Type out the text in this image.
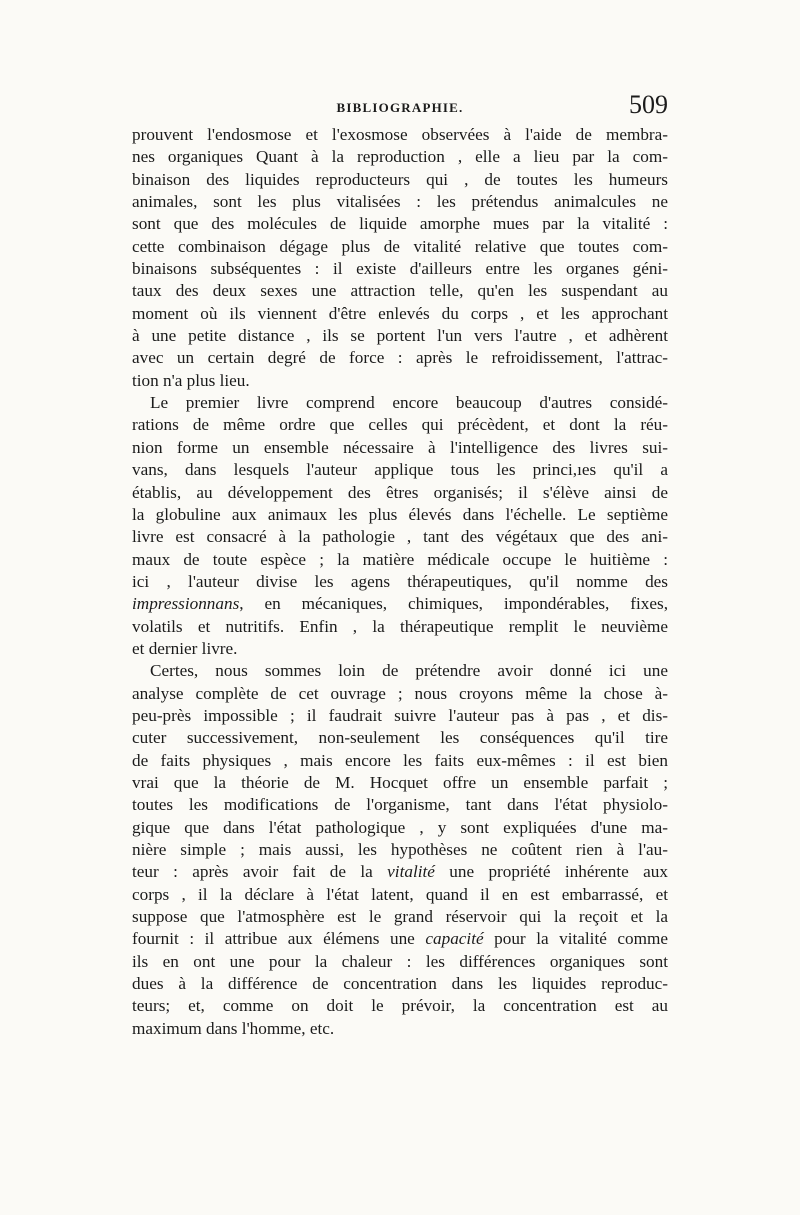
BIBLIOGRAPHIE.	509
prouvent l'endosmose et l'exosmose observées à l'aide de membra-
nes organiques Quant à la reproduction , elle a lieu par la com-
binaison des liquides reproducteurs qui , de toutes les humeurs
animales, sont les plus vitalisées : les prétendus animalcules ne
sont que des molécules de liquide amorphe mues par la vitalité :
cette combinaison dégage plus de vitalité relative que toutes com-
binaisons subséquentes : il existe d'ailleurs entre les organes géni-
taux des deux sexes une attraction telle, qu'en les suspendant au
moment où ils viennent d'être enlevés du corps , et les approchant
à une petite distance , ils se portent l'un vers l'autre , et adhèrent
avec un certain degré de force : après le refroidissement, l'attrac-
tion n'a plus lieu.
Le premier livre comprend encore beaucoup d'autres considé-
rations de même ordre que celles qui précèdent, et dont la réu-
nion forme un ensemble nécessaire à l'intelligence des livres sui-
vans, dans lesquels l'auteur applique tous les princi,ıes qu'il a
établis, au développement des êtres organisés; il s'élève ainsi de
la globuline aux animaux les plus élevés dans l'échelle. Le septième
livre est consacré à la pathologie , tant des végétaux que des ani-
maux de toute espèce ; la matière médicale occupe le huitième :
ici , l'auteur divise les agens thérapeutiques, qu'il nomme des
impressionnans, en mécaniques, chimiques, impondérables, fixes,
volatils et nutritifs. Enfin , la thérapeutique remplit le neuvième
et dernier livre.
Certes, nous sommes loin de prétendre avoir donné ici une
analyse complète de cet ouvrage ; nous croyons même la chose à-
peu-près impossible ; il faudrait suivre l'auteur pas à pas , et dis-
cuter successivement, non-seulement les conséquences qu'il tire
de faits physiques , mais encore les faits eux-mêmes : il est bien
vrai que la théorie de M. Hocquet offre un ensemble parfait ;
toutes les modifications de l'organisme, tant dans l'état physiolo-
gique que dans l'état pathologique , y sont expliquées d'une ma-
nière simple ; mais aussi, les hypothèses ne coûtent rien à l'au-
teur : après avoir fait de la vitalité une propriété inhérente aux
corps , il la déclare à l'état latent, quand il en est embarrassé, et
suppose que l'atmosphère est le grand réservoir qui la reçoit et la
fournit : il attribue aux élémens une capacité pour la vitalité comme
ils en ont une pour la chaleur : les différences organiques sont
dues à la différence de concentration dans les liquides reproduc-
teurs; et, comme on doit le prévoir, la concentration est au
maximum dans l'homme, etc.
